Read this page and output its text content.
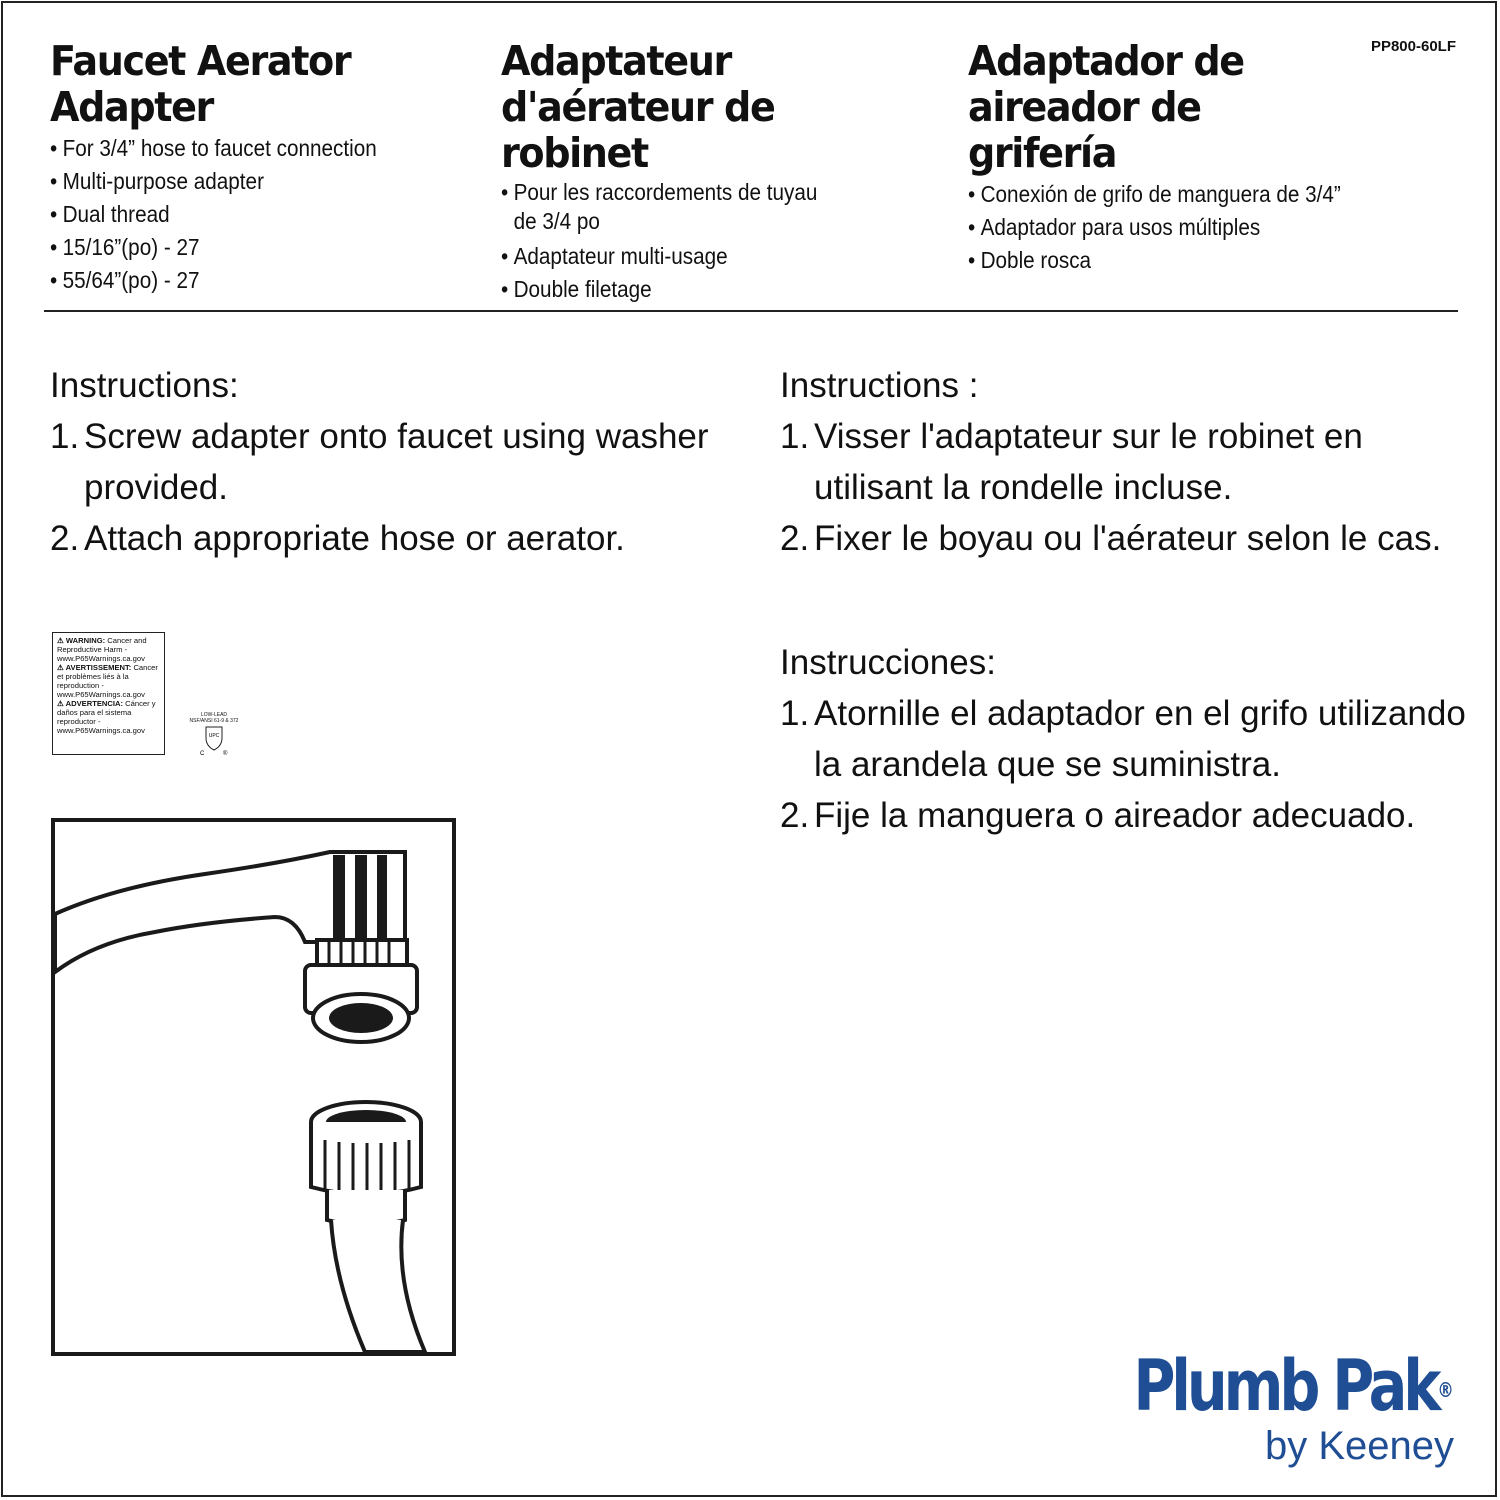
PP800-60LF
Faucet Aerator
Adapter
• For 3/4” hose to faucet connection
• Multi-purpose adapter
• Dual thread
• 15/16”(po) - 27
• 55/64”(po) - 27
Adaptateur
d'aérateur de
robinet
• Pour les raccordements de tuyau de 3/4 po
• Adaptateur multi-usage
• Double filetage
Adaptador de
aireador de
grifería
• Conexión de grifo de manguera de 3/4”
• Adaptador para usos múltiples
• Doble rosca

Instructions:

1. Screw adapter onto faucet using washer provided.
2. Attach appropriate hose or aerator.

Instructions :

1. Visser l'adaptateur sur le robinet en utilisant la rondelle incluse.
2. Fixer le boyau ou l'aérateur selon le cas.

Instrucciones:

1. Atornille el adaptador en el grifo utilizando la arandela que se suministra.
2. Fije la manguera o aireador adecuado.
⚠ WARNING: Cancer and Reproductive Harm - www.P65Warnings.ca.gov
⚠ AVERTISSEMENT: Cancer et problèmes liés à la reproduction - www.P65Warnings.ca.gov
⚠ ADVERTENCIA: Cáncer y daños para el sistema reproductor - www.P65Warnings.ca.gov
LOW-LEAD
NSF/ANSI 61-9 & 372
UPC
C	®
Plumb Pak®
by Keeney
